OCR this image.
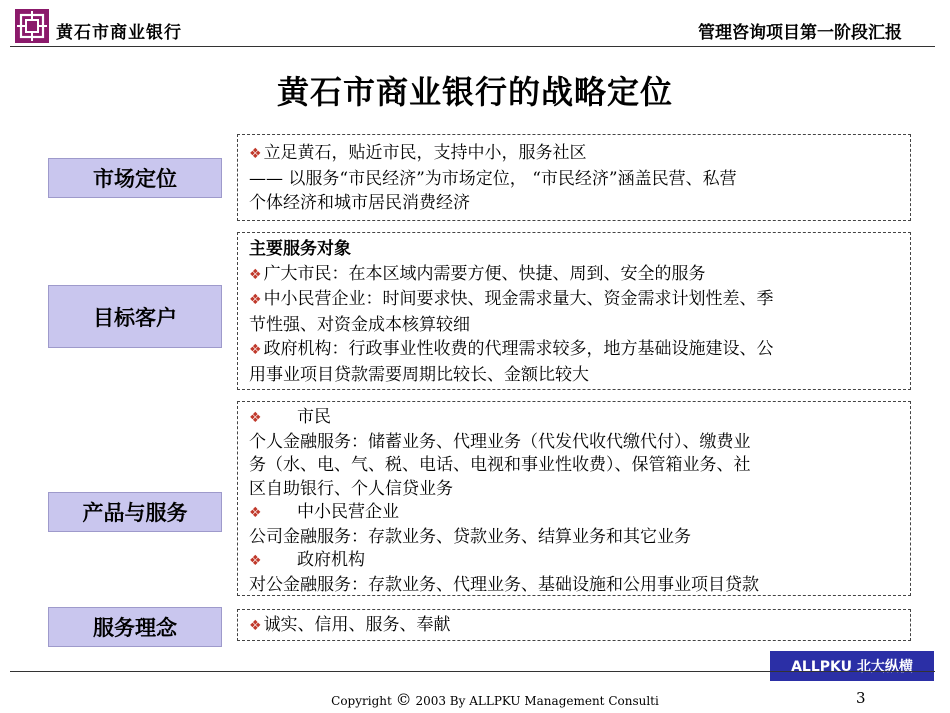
黄石市商业银行	管理咨询项目第一阶段汇报
黄石市商业银行的战略定位
市场定位
❖ 立足黄石，贴近市民，支持中小，服务社区
—— 以服务“市民经济”为市场定位， “市民经济”涵盖民营、私营
个体经济和城市居民消费经济
目标客户
主要服务对象
❖ 广大市民：在本区域内需要方便、快捷、周到、安全的服务
❖ 中小民营企业：时间要求快、现金需求量大、资金需求计划性差、季
节性强、对资金成本核算较细
❖ 政府机构：行政事业性收费的代理需求较多，地方基础设施建设、公
用事业项目贷款需要周期比较长、金额比较大
产品与服务
❖ 市民
个人金融服务：储蓄业务、代理业务（代发代收代缴代付）、缴费业
务（水、电、气、税、电话、电视和事业性收费）、保管箱业务、社
区自助银行、个人信贷业务
❖ 中小民营企业
公司金融服务：存款业务、贷款业务、结算业务和其它业务
❖ 政府机构
对公金融服务：存款业务、代理业务、基础设施和公用事业项目贷款
服务理念	❖ 诚实、信用、服务、奉献
ALLPKU 北大纵横
Copyright © 2003 By ALLPKU Management Consulti	3
